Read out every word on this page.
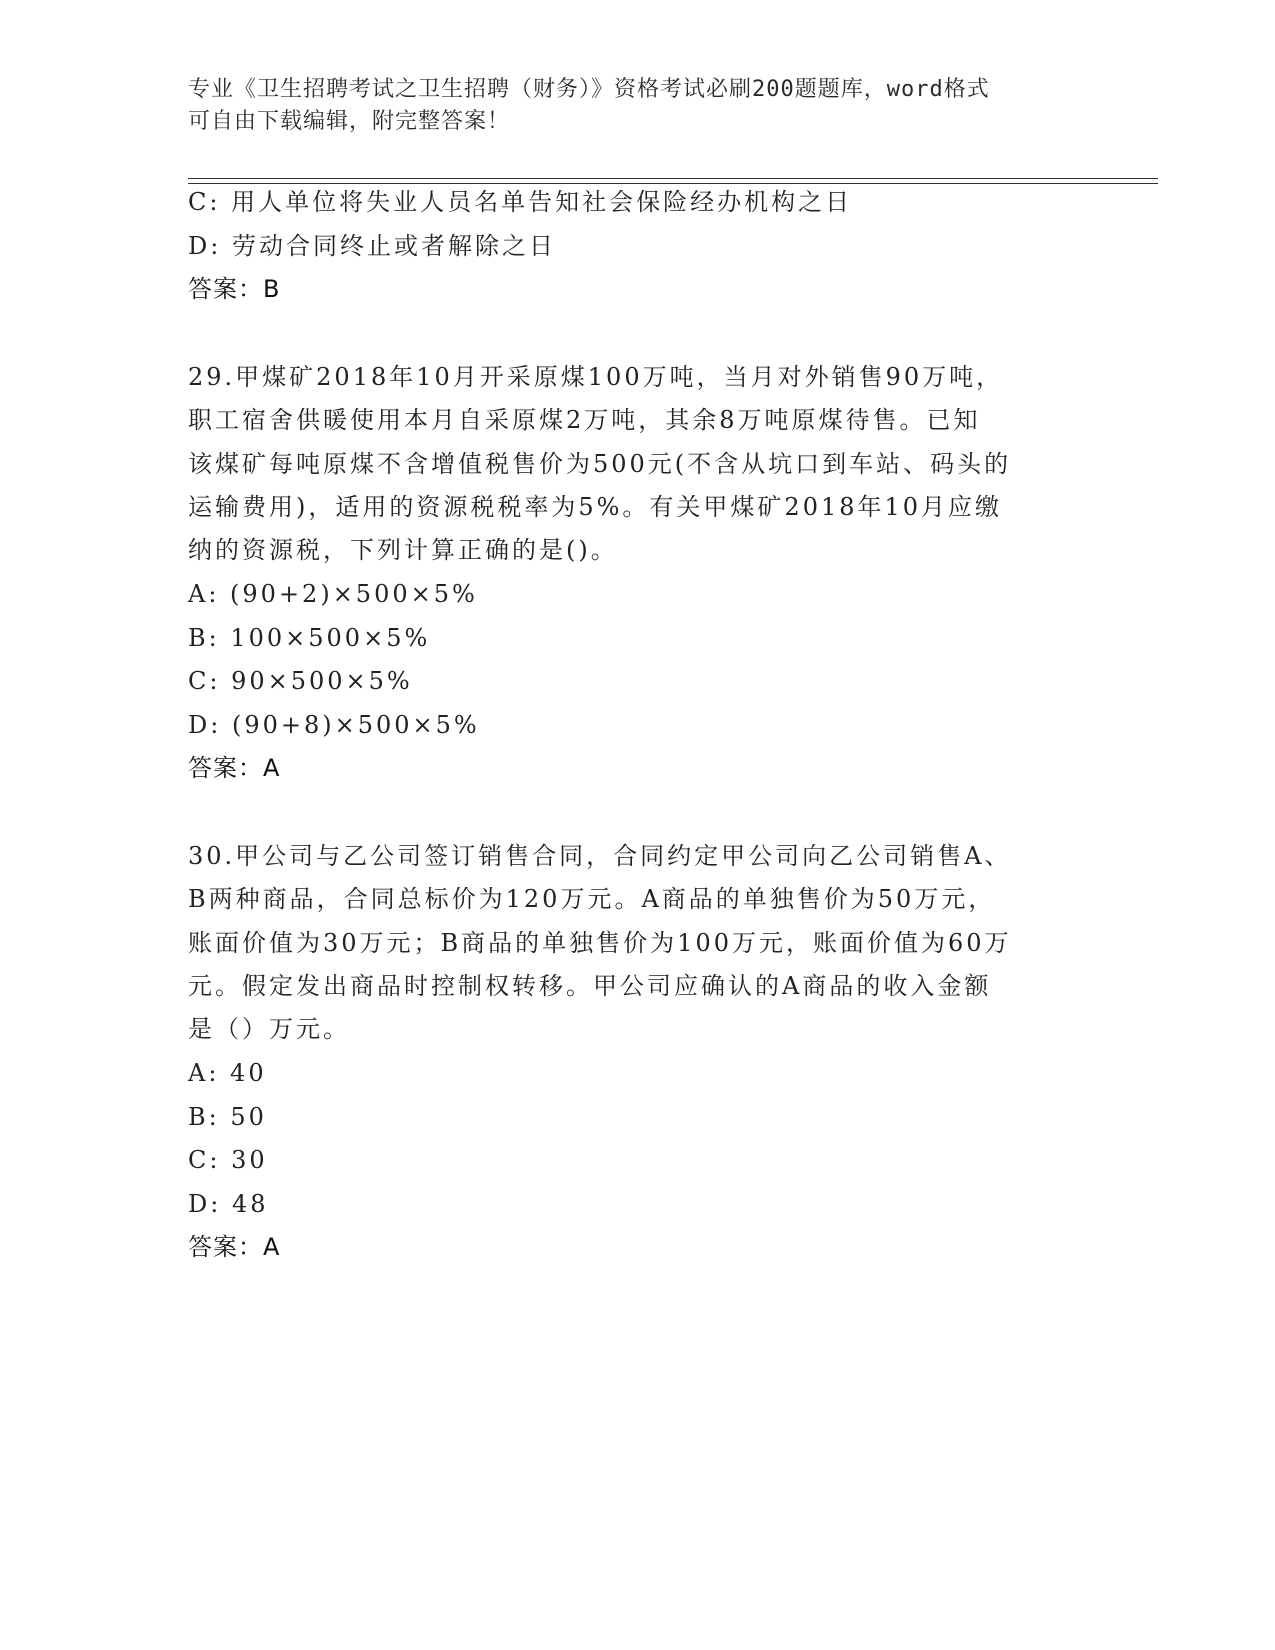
专业《卫生招聘考试之卫生招聘（财务）》资格考试必刷200题题库，word格式
可自由下载编辑，附完整答案！
C: 用人单位将失业人员名单告知社会保险经办机构之日
D: 劳动合同终止或者解除之日
答案：B
29.甲煤矿2018年10月开采原煤100万吨，当月对外销售90万吨，
职工宿舍供暖使用本月自采原煤2万吨，其余8万吨原煤待售。已知
该煤矿每吨原煤不含增值税售价为500元(不含从坑口到车站、码头的
运输费用)，适用的资源税税率为5%。有关甲煤矿2018年10月应缴
纳的资源税，下列计算正确的是()。
A: (90+2)×500×5%
B: 100×500×5%
C: 90×500×5%
D: (90+8)×500×5%
答案：A
30.甲公司与乙公司签订销售合同，合同约定甲公司向乙公司销售A、
B两种商品，合同总标价为120万元。A商品的单独售价为50万元，
账面价值为30万元；B商品的单独售价为100万元，账面价值为60万
元。假定发出商品时控制权转移。甲公司应确认的A商品的收入金额
是（）万元。
A: 40
B: 50
C: 30
D: 48
答案：A
